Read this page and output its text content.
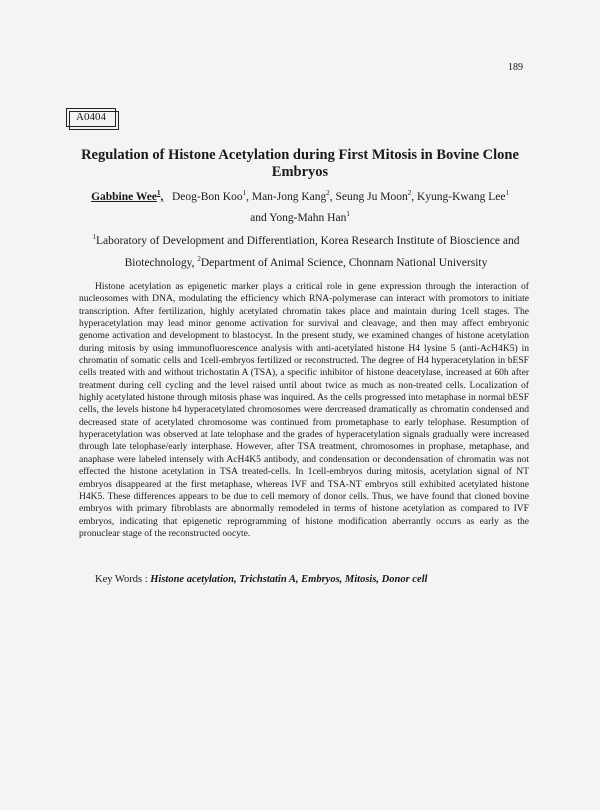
189
A0404
Regulation of Histone Acetylation during First Mitosis in Bovine Clone Embryos
Gabbine Wee$^1$, Deog-Bon Koo$^1$, Man-Jong Kang$^2$, Seung Ju Moon$^2$, Kyung-Kwang Lee$^1$
and Yong-Mahn Han$^1$
$^1$Laboratory of Development and Differentiation, Korea Research Institute of Bioscience and Biotechnology, $^2$Department of Animal Science, Chonnam National University

Histone acetylation as epigenetic marker plays a critical role in gene expression through the interaction of nucleosomes with DNA, modulating the efficiency which RNA-polymerase can interact with promotors to initiate transcription. After fertilization, highly acetylated chromatin takes place and maintain during 1cell stages. The hyperacetylation may lead minor genome activation for survival and cleavage, and then may affect embryonic genome activation and development to blastocyst. In the present study, we examined changes of histone acetylation during mitosis by using immunofluorescence analysis with anti-acetylated histone H4 lysine 5 (anti-AcH4K5) in chromatin of somatic cells and 1cell-embryos fertilized or reconstructed. The degree of H4 hyperacetylation in bESF cells treated with and without trichostatin A (TSA), a specific inhibitor of histone deacetylase, increased at 60h after treatment during cell cycling and the level raised until about twice as much as non-treated cells. Localization of highly acetylated histone through mitosis phase was inquired. As the cells progressed into metaphase in normal bESF cells, the levels histone h4 hyperacetylated chromosomes were dercreased dramatically as chromatin condensed and decreased state of acetylated chromosome was continued from prometaphase to early telophase. Resumption of hyperacetylation was observed at late telophase and the grades of hyperacetylation signals gradually were increased through late telophase/early interphase. However, after TSA treatment, chromosomes in prophase, metaphase, and anaphase were labeled intensely with AcH4K5 antibody, and condensation or decondensation of chromatin was not effected the histone acetylation in TSA treated-cells. In 1cell-embryos during mitosis, acetylation signal of NT embryos disappeared at the first metaphase, whereas IVF and TSA-NT embryos still exhibited acetylated histone H4K5. These differences appears to be due to cell memory of donor cells. Thus, we have found that cloned bovine embryos with primary fibroblasts are abnormally remodeled in terms of histone acetylation as compared to IVF embryos, indicating that epigenetic reprogramming of histone modification aberrantly occurs as early as the pronuclear stage of the reconstructed oocyte.

Key Words : Histone acetylation, Trichstatin A, Embryos, Mitosis, Donor cell
